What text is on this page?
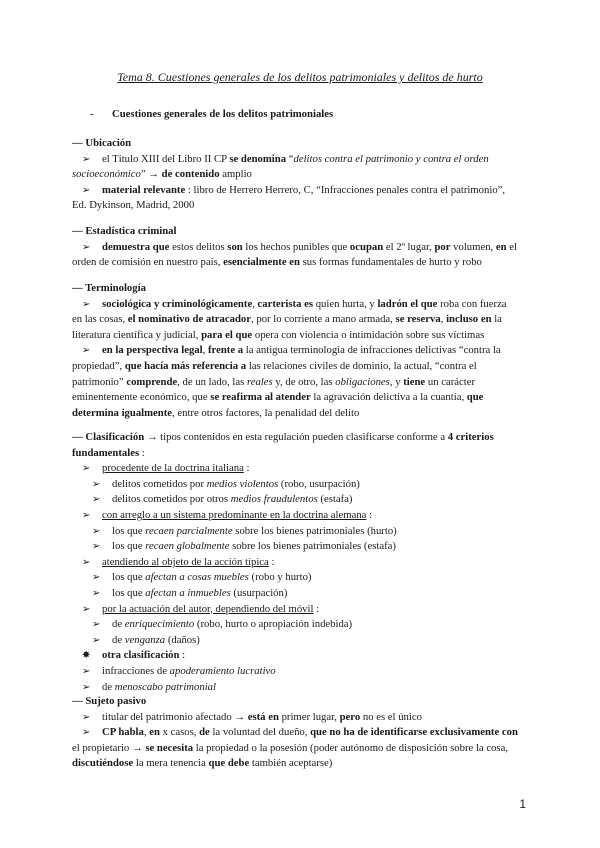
Tema 8. Cuestiones generales de los delitos patrimoniales y delitos de hurto
- Cuestiones generales de los delitos patrimoniales
— Ubicación
➢ el Título XIII del Libro II CP se denomina “delitos contra el patrimonio y contra el orden
socioeconómico” → de contenido amplio
➢ material relevante : libro de Herrero Herrero, C, “Infracciones penales contra el patrimonio”,
Ed. Dykinson, Madrid, 2000
— Estadística criminal
➢ demuestra que estos delitos son los hechos punibles que ocupan el 2º lugar, por volumen, en el
orden de comisión en nuestro país, esencialmente en sus formas fundamentales de hurto y robo
— Terminología
➢ sociológica y criminológicamente, carterista es quien hurta, y ladrón el que roba con fuerza
en las cosas, el nominativo de atracador, por lo corriente a mano armada, se reserva, incluso en la
literatura científica y judicial, para el que opera con violencia o intimidación sobre sus víctimas
➢ en la perspectiva legal, frente a la antigua terminología de infracciones delictivas “contra la
propiedad”, que hacía más referencia a las relaciones civiles de dominio, la actual, “contra el
patrimonio” comprende, de un lado, las reales y, de otro, las obligaciones, y tiene un carácter
eminentemente económico, que se reafirma al atender la agravación delictiva a la cuantía, que
determina igualmente, entre otros factores, la penalidad del delito
— Clasificación → tipos contenidos en esta regulación pueden clasificarse conforme a 4 criterios
fundamentales :
➢ procedente de la doctrina italiana :
➢ delitos cometidos por medios violentos (robo, usurpación)
➢ delitos cometidos por otros medios fraudulentos (estafa)
➢ con arreglo a un sistema predominante en la doctrina alemana :
➢ los que recaen parcialmente sobre los bienes patrimoniales (hurto)
➢ los que recaen globalmente sobre los bienes patrimoniales (estafa)
➢ atendiendo al objeto de la acción típica :
➢ los que afectan a cosas muebles (robo y hurto)
➢ los que afectan a inmuebles (usurpación)
➢ por la actuación del autor, dependiendo del móvil :
➢ de enriquecimiento (robo, hurto o apropiación indebida)
➢ de venganza (daños)
✸ otra clasificación :
➢ infracciones de apoderamiento lucrativo
➢ de menoscabo patrimonial
— Sujeto pasivo
➢ titular del patrimonio afectado → está en primer lugar, pero no es el único
➢ CP habla, en x casos, de la voluntad del dueño, que no ha de identificarse exclusivamente con
el propietario → se necesita la propiedad o la posesión (poder autónomo de disposición sobre la cosa,
discutiéndose la mera tenencia que debe también aceptarse)
1
